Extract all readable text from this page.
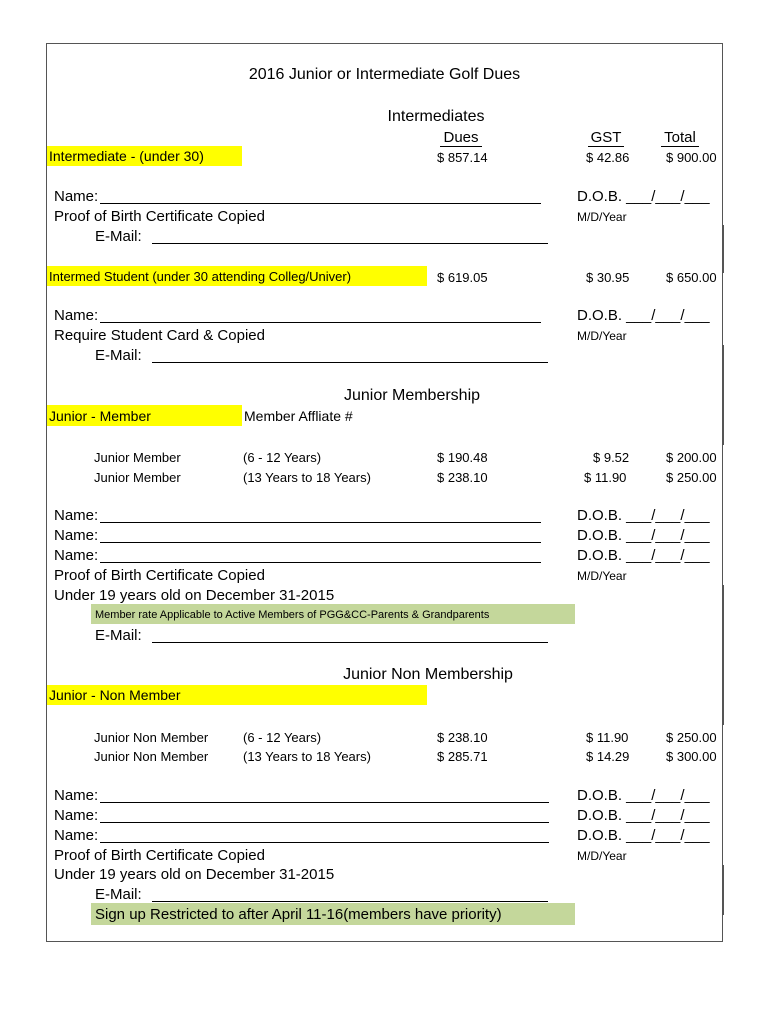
2016 Junior or Intermediate Golf Dues
Intermediates
Dues	GST	Total
Intermediate - (under 30)	$ 857.14	$ 42.86	$ 900.00
Name:	D.O.B. ___/___/___
Proof of Birth Certificate Copied	M/D/Year
E-Mail:
Intermed Student (under 30 attending Colleg/Univer)	$ 619.05	$ 30.95	$ 650.00
Name:	D.O.B. ___/___/___
Require Student Card & Copied	M/D/Year
E-Mail:
Junior Membership
Junior - Member	Member Affliate #
Junior Member	(6 - 12 Years)	$ 190.48	$ 9.52	$ 200.00
Junior Member	(13 Years to 18 Years)	$ 238.10	$ 11.90	$ 250.00
Name:	D.O.B. ___/___/___
Name:	D.O.B. ___/___/___
Name:	D.O.B. ___/___/___
Proof of Birth Certificate Copied	M/D/Year
Under 19 years old on December 31-2015
Member rate Applicable to Active Members of PGG&CC-Parents & Grandparents
E-Mail:
Junior Non Membership
Junior - Non Member
Junior Non Member	(6 - 12 Years)	$ 238.10	$ 11.90	$ 250.00
Junior Non Member	(13 Years to 18 Years)	$ 285.71	$ 14.29	$ 300.00
Name:	D.O.B. ___/___/___
Name:	D.O.B. ___/___/___
Name:	D.O.B. ___/___/___
Proof of Birth Certificate Copied	M/D/Year
Under 19 years old on December 31-2015
E-Mail:
Sign up Restricted to after April 11-16(members have priority)
